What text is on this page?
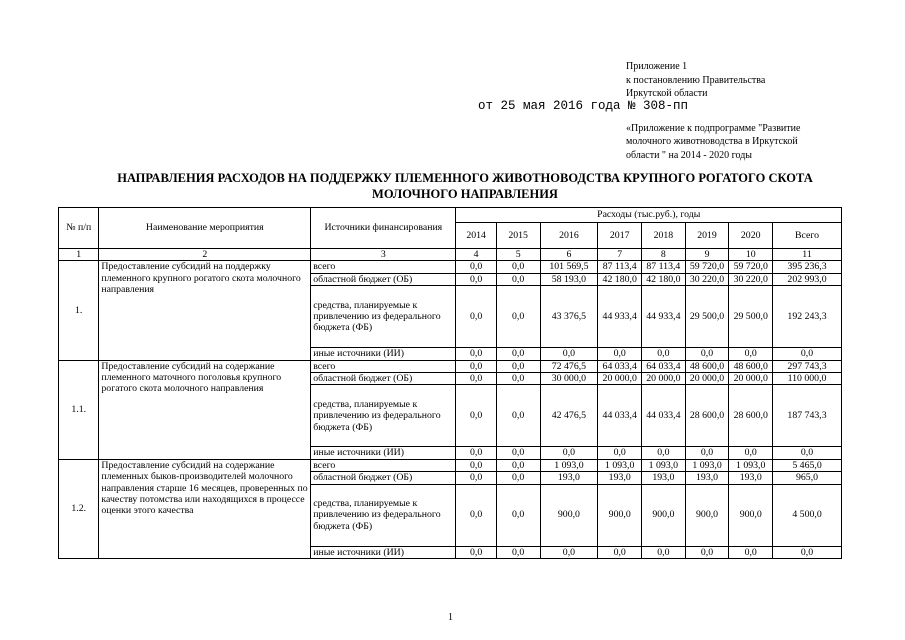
Приложение 1
к постановлению Правительства
Иркутской области
«Приложение к подпрограмме "Развитие
молочного животноводства в Иркутской
области " на 2014 - 2020 годы
от 25 мая 2016 года № 308-пп
НАПРАВЛЕНИЯ РАСХОДОВ НА ПОДДЕРЖКУ ПЛЕМЕННОГО ЖИВОТНОВОДСТВА КРУПНОГО РОГАТОГО СКОТА МОЛОЧНОГО НАПРАВЛЕНИЯ
№ п/п	Наименование мероприятия	Источники финансирования	Расходы (тыс.руб.), годы							
			2014	2015	2016	2017	2018	2019	2020	Всего
1	2	3	4	5	6	7	8	9	10	11
1.	Предоставление субсидий на поддержку племенного крупного рогатого скота молочного направления	всего	0,0	0,0	101 569,5	87 113,4	87 113,4	59 720,0	59 720,0	395 236,3
		областной бюджет (ОБ)	0,0	0,0	58 193,0	42 180,0	42 180,0	30 220,0	30 220,0	202 993,0
		средства, планируемые к привлечению из федерального бюджета (ФБ)	0,0	0,0	43 376,5	44 933,4	44 933,4	29 500,0	29 500,0	192 243,3
		иные источники (ИИ)	0,0	0,0	0,0	0,0	0,0	0,0	0,0	0,0
1.1.	Предоставление субсидий на содержание племенного маточного поголовья крупного рогатого скота молочного направления	всего	0,0	0,0	72 476,5	64 033,4	64 033,4	48 600,0	48 600,0	297 743,3
		областной бюджет (ОБ)	0,0	0,0	30 000,0	20 000,0	20 000,0	20 000,0	20 000,0	110 000,0
		средства, планируемые к привлечению из федерального бюджета (ФБ)	0,0	0,0	42 476,5	44 033,4	44 033,4	28 600,0	28 600,0	187 743,3
		иные источники (ИИ)	0,0	0,0	0,0	0,0	0,0	0,0	0,0	0,0
1.2.	Предоставление субсидий на содержание племенных быков-производителей молочного направления старше 16 месяцев, проверенных по качеству потомства или находящихся в процессе оценки этого качества	всего	0,0	0,0	1 093,0	1 093,0	1 093,0	1 093,0	1 093,0	5 465,0
		областной бюджет (ОБ)	0,0	0,0	193,0	193,0	193,0	193,0	193,0	965,0
		средства, планируемые к привлечению из федерального бюджета (ФБ)	0,0	0,0	900,0	900,0	900,0	900,0	900,0	4 500,0
		иные источники (ИИ)	0,0	0,0	0,0	0,0	0,0	0,0	0,0	0,0
1
